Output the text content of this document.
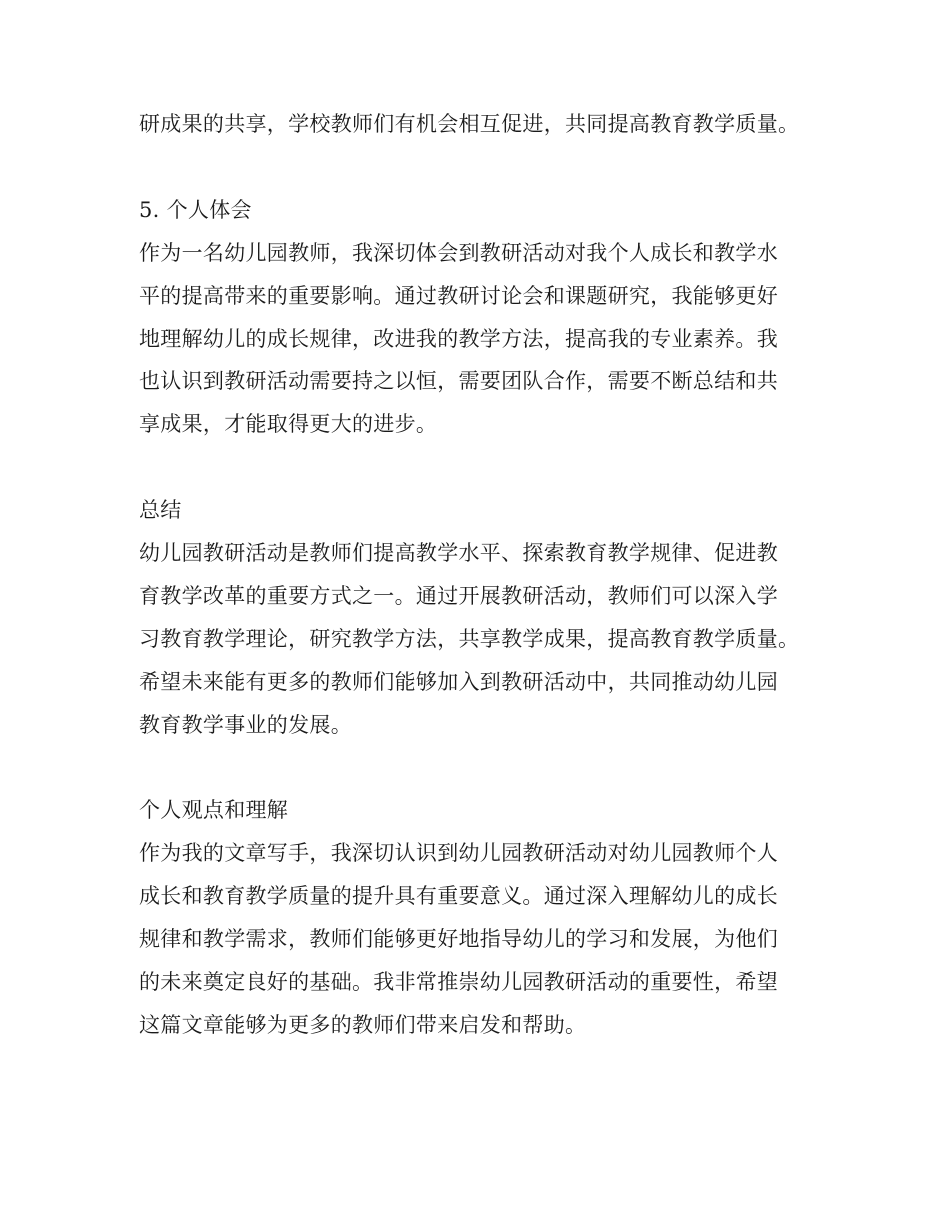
研成果的共享，学校教师们有机会相互促进，共同提高教育教学质量。
5. 个人体会
作为一名幼儿园教师，我深切体会到教研活动对我个人成长和教学水
平的提高带来的重要影响。通过教研讨论会和课题研究，我能够更好
地理解幼儿的成长规律，改进我的教学方法，提高我的专业素养。我
也认识到教研活动需要持之以恒，需要团队合作，需要不断总结和共
享成果，才能取得更大的进步。
总结
幼儿园教研活动是教师们提高教学水平、探索教育教学规律、促进教
育教学改革的重要方式之一。通过开展教研活动，教师们可以深入学
习教育教学理论，研究教学方法，共享教学成果，提高教育教学质量。
希望未来能有更多的教师们能够加入到教研活动中，共同推动幼儿园
教育教学事业的发展。
个人观点和理解
作为我的文章写手，我深切认识到幼儿园教研活动对幼儿园教师个人
成长和教育教学质量的提升具有重要意义。通过深入理解幼儿的成长
规律和教学需求，教师们能够更好地指导幼儿的学习和发展，为他们
的未来奠定良好的基础。我非常推崇幼儿园教研活动的重要性，希望
这篇文章能够为更多的教师们带来启发和帮助。
